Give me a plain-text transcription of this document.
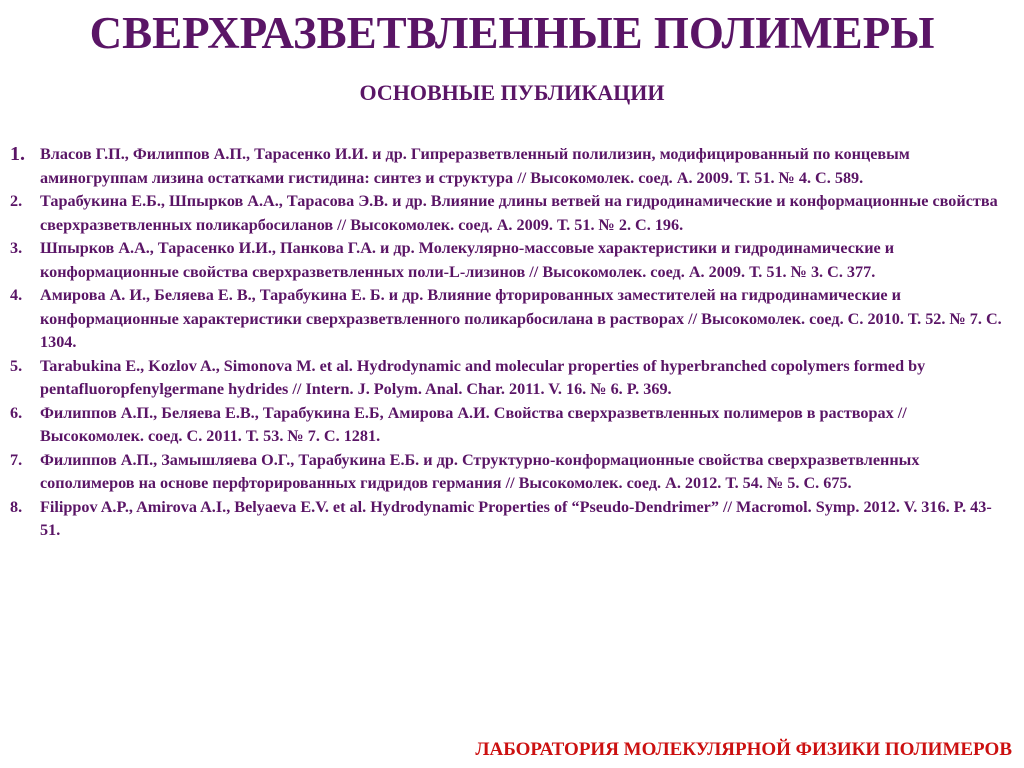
СВЕРХРАЗВЕТВЛЕННЫЕ ПОЛИМЕРЫ
ОСНОВНЫЕ ПУБЛИКАЦИИ
1. Власов Г.П., Филиппов А.П., Тарасенко И.И. и др. Гипреразветвленный полилизин, модифицированный по концевым аминогруппам лизина остатками гистидина: синтез и структура // Высокомолек. соед. А. 2009. Т. 51. № 4. С. 589.
2.	Тарабукина Е.Б., Шпырков А.А., Тарасова Э.В. и др. Влияние длины ветвей на гидродинамические и конформационные свойства сверхразветвленных поликарбосиланов // Высокомолек. соед. А. 2009. Т. 51. № 2. С. 196.
3.	Шпырков А.А., Тарасенко И.И., Панкова Г.А. и др. Молекулярно-массовые характеристики и гидродинамические и конформационные свойства сверхразветвленных поли-L-лизинов // Высокомолек. соед. А. 2009. Т. 51. № 3. С. 377.
4.	Амирова А. И., Беляева Е. В., Тарабукина Е. Б. и др. Влияние фторированных заместителей на гидродинамические и конформационные характеристики сверхразветвленного поликарбосилана в растворах // Высокомолек. соед. С. 2010. Т. 52. № 7. С. 1304.
5.	Tarabukina E., Kozlov A., Simonova M. et al. Hydrodynamic and molecular properties of hyperbranched copolymers formed by pentafluoropfenylgermane hydrides // Intern. J. Polym. Anal. Char. 2011. V. 16. № 6. P. 369.
6.	Филиппов А.П., Беляева Е.В., Тарабукина Е.Б, Амирова А.И. Свойства сверхразветвленных полимеров в растворах // Высокомолек. соед. С. 2011. Т. 53. № 7. С. 1281.
7.	Филиппов А.П., Замышляева О.Г., Тарабукина Е.Б. и др. Структурно-конформационные свойства сверхразветвленных сополимеров на основе перфторированных гидридов германия // Высокомолек. соед. А. 2012. Т. 54. № 5. С. 675.
8.	Filippov A.P., Amirova A.I., Belyaeva E.V. et al. Hydrodynamic Properties of “Pseudo-Dendrimer” // Macromol. Symp. 2012. V. 316. P. 43-51.
ЛАБОРАТОРИЯ МОЛЕКУЛЯРНОЙ ФИЗИКИ ПОЛИМЕРОВ
